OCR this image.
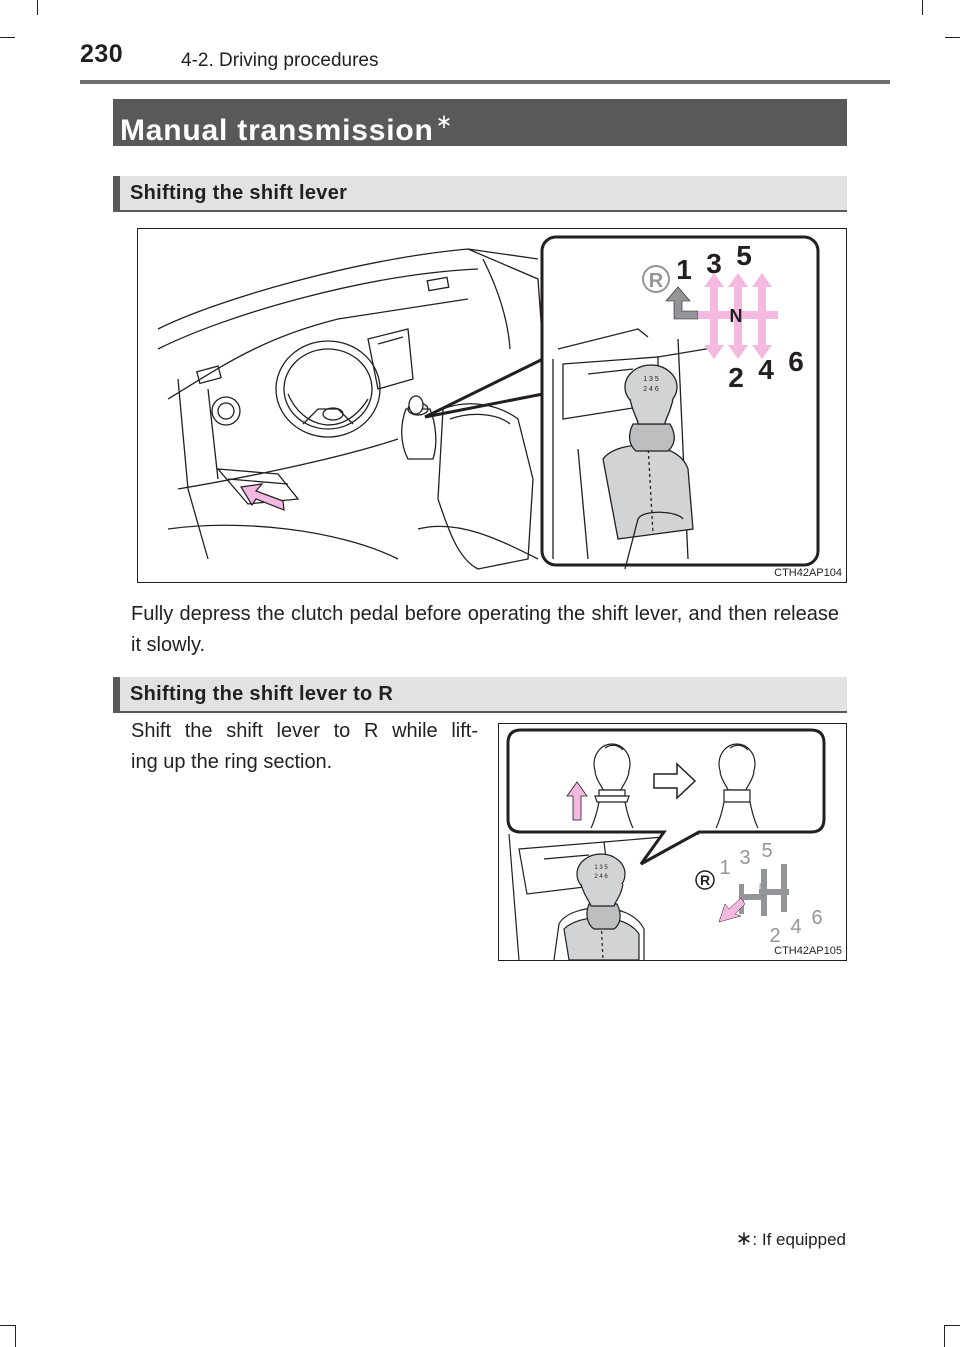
230	4-2. Driving procedures
Manual transmission ∗
Shifting the shift lever
1 3 5
2 4 6
R 1 3 5
N
2 4 6
CTH42AP104
Fully depress the clutch pedal before operating the shift lever, and then release it slowly.
Shifting the shift lever to R
Shift the shift lever to R while lift-
ing up the ring section.
1 3 5
2 4 6	R
1 3 5
N
2 4 6
CTH42AP105
∗: If equipped
